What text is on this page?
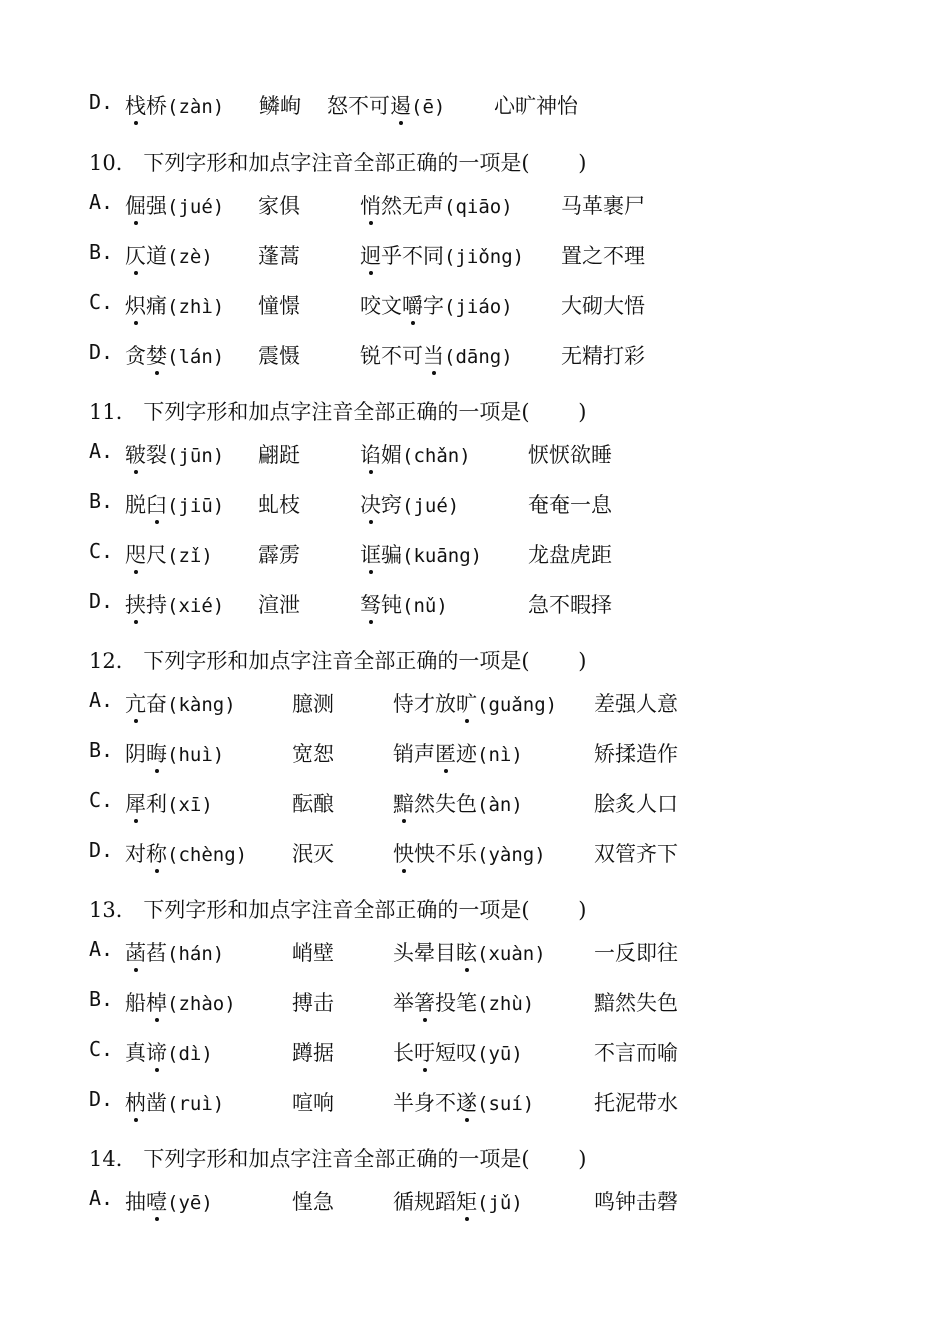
D. 栈桥(zàn) 鳞峋 怒不可遏(ē) 心旷神怡
10． 下列字形和加点字注音全部正确的一项是(　　 )
A. 倔强(jué) 家俱	悄然无声(qiāo) 马革裹尸
B. 仄道(zè) 蓬蒿	迥乎不同(jiǒng) 置之不理
C. 炽痛(zhì) 憧憬	咬文嚼字(jiáo) 大砌大悟
D. 贪婪(lán) 震慑	锐不可当(dāng) 无精打彩
11． 下列字形和加点字注音全部正确的一项是(　　 )
A. 皲裂(jūn) 翩跹	谄媚(chǎn)	恹恹欲睡
B. 脱臼(jiū) 虬枝	决窍(jué)	奄奄一息
C. 咫尺(zǐ) 霹雳	诓骗(kuāng) 龙盘虎距
D. 挟持(xié) 渲泄	驽钝(nǔ)	急不暇择
12． 下列字形和加点字注音全部正确的一项是(　　 )
A. 亢奋(kàng)	臆测	恃才放旷(guǎng) 差强人意
B. 阴晦(huì)	宽恕	销声匿迹(nì)	矫揉造作
C. 犀利(xī)	酝酿	黯然失色(àn)	脍炙人口
D. 对称(chèng) 泯灭	怏怏不乐(yàng) 双管齐下
13． 下列字形和加点字注音全部正确的一项是(　　 )
A. 菡萏(hán)	峭壁	头晕目眩(xuàn) 一反即往
B. 船棹(zhào)	搏击	举箸投笔(zhù)	黯然失色
C. 真谛(dì)	蹲据	长吁短叹(yū)	不言而喻
D. 枘凿(ruì)	喧响	半身不遂(suí)	托泥带水
14． 下列字形和加点字注音全部正确的一项是(　　 )
A. 抽噎(yē)	惶急	循规蹈矩(jǔ)	鸣钟击磬
